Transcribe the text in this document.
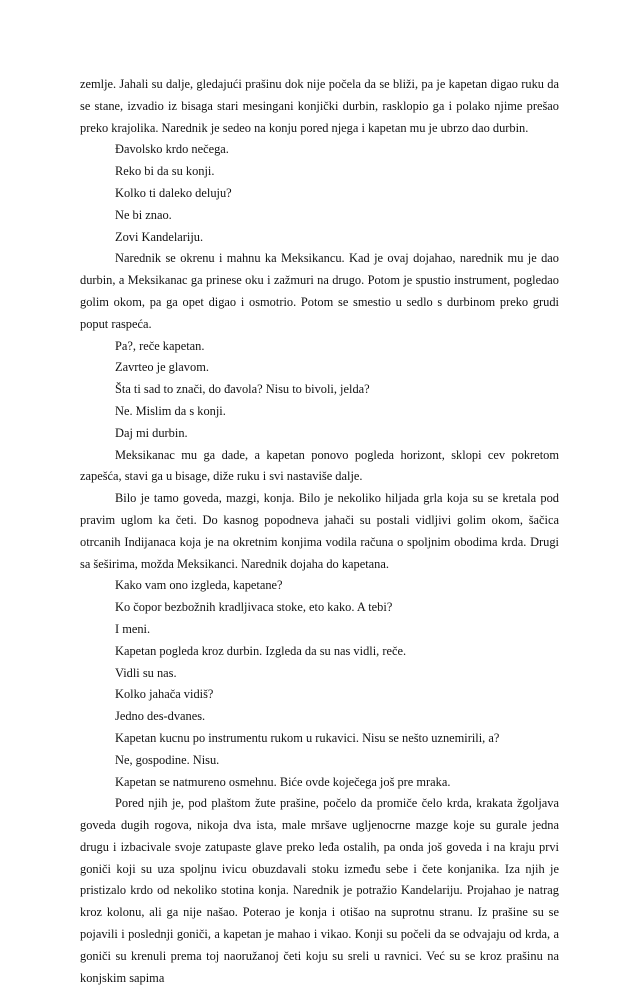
zemlje. Jahali su dalje, gledajući prašinu dok nije počela da se bliži, pa je kapetan digao ruku da se stane, izvadio iz bisaga stari mesingani konjički durbin, rasklopio ga i polako njime prešao preko krajolika. Narednik je sedeo na konju pored njega i kapetan mu je ubrzo dao durbin.

Đavolsko krdo nečega.

Reko bi da su konji.

Kolko ti daleko deluju?

Ne bi znao.

Zovi Kandelariju.

Narednik se okrenu i mahnu ka Meksikancu. Kad je ovaj dojahao, narednik mu je dao durbin, a Meksikanac ga prinese oku i zažmuri na drugo. Potom je spustio instrument, pogledao golim okom, pa ga opet digao i osmotrio. Potom se smestio u sedlo s durbinom preko grudi poput raspeća.

Pa?, reče kapetan.

Zavrteo je glavom.

Šta ti sad to znači, do đavola? Nisu to bivoli, jelda?

Ne. Mislim da s konji.

Daj mi durbin.

Meksikanac mu ga dade, a kapetan ponovo pogleda horizont, sklopi cev pokretom zapešća, stavi ga u bisage, diže ruku i svi nastaviše dalje.

Bilo je tamo goveda, mazgi, konja. Bilo je nekoliko hiljada grla koja su se kretala pod pravim uglom ka četi. Do kasnog popodneva jahači su postali vidljivi golim okom, šačica otrcanih Indijanaca koja je na okretnim konjima vodila računa o spoljnim obodima krda. Drugi sa šeširima, možda Meksikanci. Narednik dojaha do kapetana.

Kako vam ono izgleda, kapetane?

Ko čopor bezbožnih kradljivaca stoke, eto kako. A tebi?

I meni.

Kapetan pogleda kroz durbin. Izgleda da su nas vidli, reče.

Vidli su nas.

Kolko jahača vidiš?

Jedno des-dvanes.

Kapetan kucnu po instrumentu rukom u rukavici. Nisu se nešto uznemirili, a?

Ne, gospodine. Nisu.

Kapetan se natmureno osmehnu. Biće ovde koječega još pre mraka.

Pored njih je, pod plaštom žute prašine, počelo da promiče čelo krda, krakata žgoljava goveda dugih rogova, nikoja dva ista, male mršave ugljenocrne mazge koje su gurale jedna drugu i izbacivale svoje zatupaste glave preko leđa ostalih, pa onda još goveda i na kraju prvi goniči koji su uza spoljnu ivicu obuzdavali stoku između sebe i čete konjanika. Iza njih je pristizalo krdo od nekoliko stotina konja. Narednik je potražio Kandelariju. Projahao je natrag kroz kolonu, ali ga nije našao. Poterao je konja i otišao na suprotnu stranu. Iz prašine su se pojavili i poslednji goniči, a kapetan je mahao i vikao. Konji su počeli da se odvajaju od krda, a goniči su krenuli prema toj naoružanoj četi koju su sreli u ravnici. Već su se kroz prašinu na konjskim sapima
